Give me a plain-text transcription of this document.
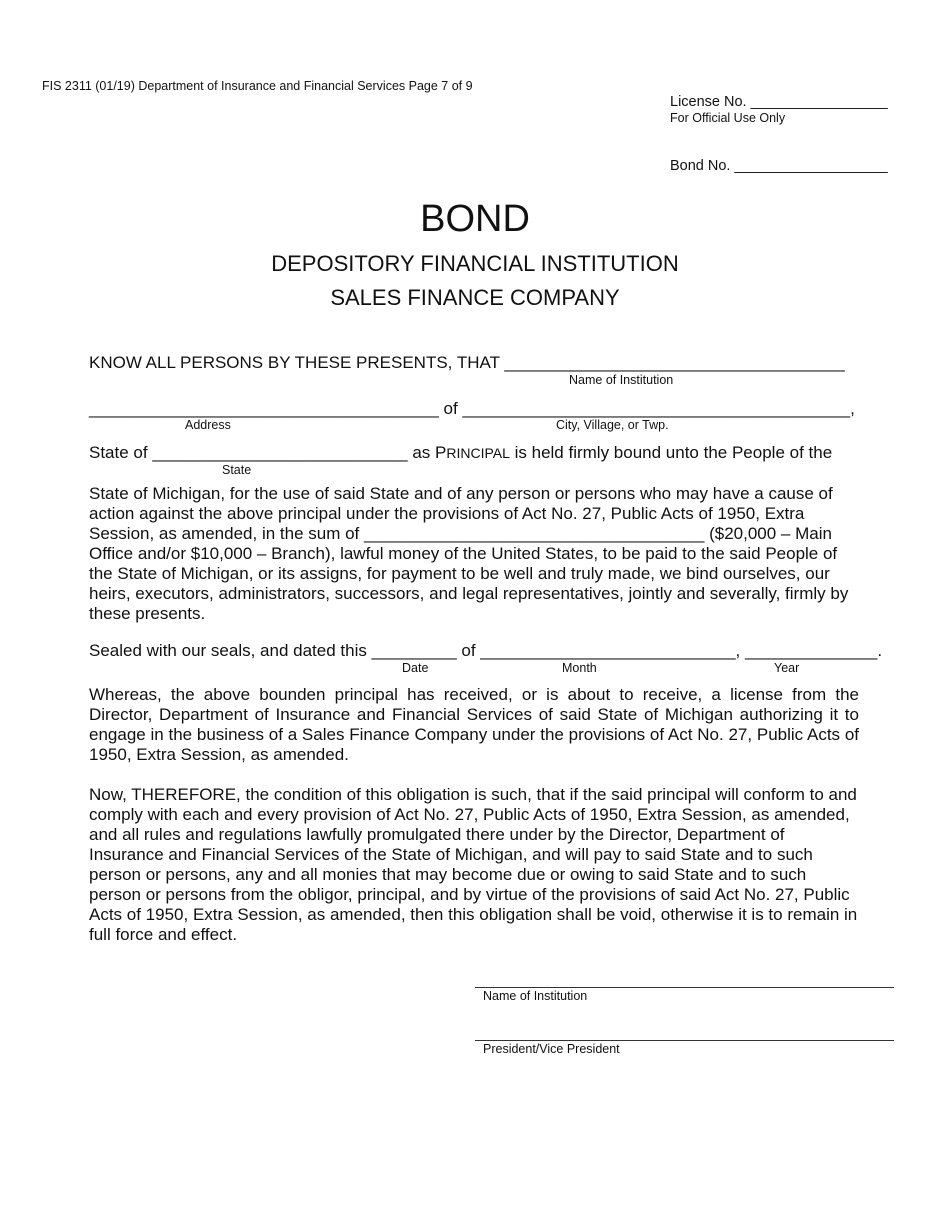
FIS 2311 (01/19) Department of Insurance and Financial Services Page 7 of 9
License No. _________________
For Official Use Only
Bond No. ___________________
BOND
DEPOSITORY FINANCIAL INSTITUTION
SALES FINANCE COMPANY
KNOW ALL PERSONS BY THESE PRESENTS, THAT ____________________________________
Name of Institution
_____________________________________ of _________________________________________,
Address	City, Village, or Twp.
State of ___________________________ as PRINCIPAL is held firmly bound unto the People of the
State
State of Michigan, for the use of said State and of any person or persons who may have a cause of action against the above principal under the provisions of Act No. 27, Public Acts of 1950, Extra Session, as amended, in the sum of ____________________________________ ($20,000 – Main Office and/or $10,000 – Branch), lawful money of the United States, to be paid to the said People of the State of Michigan, or its assigns, for payment to be well and truly made, we bind ourselves, our heirs, executors, administrators, successors, and legal representatives, jointly and severally, firmly by these presents.
Sealed with our seals, and dated this _________ of ___________________________, ______________.
Date	Month	Year
Whereas, the above bounden principal has received, or is about to receive, a license from the Director, Department of Insurance and Financial Services of said State of Michigan authorizing it to engage in the business of a Sales Finance Company under the provisions of Act No. 27, Public Acts of 1950, Extra Session, as amended.
Now, THEREFORE, the condition of this obligation is such, that if the said principal will conform to and comply with each and every provision of Act No. 27, Public Acts of 1950, Extra Session, as amended, and all rules and regulations lawfully promulgated there under by the Director, Department of Insurance and Financial Services of the State of Michigan, and will pay to said State and to such person or persons, any and all monies that may become due or owing to said State and to such person or persons from the obligor, principal, and by virtue of the provisions of said Act No. 27, Public Acts of 1950, Extra Session, as amended, then this obligation shall be void, otherwise it is to remain in full force and effect.
Name of Institution
President/Vice President
